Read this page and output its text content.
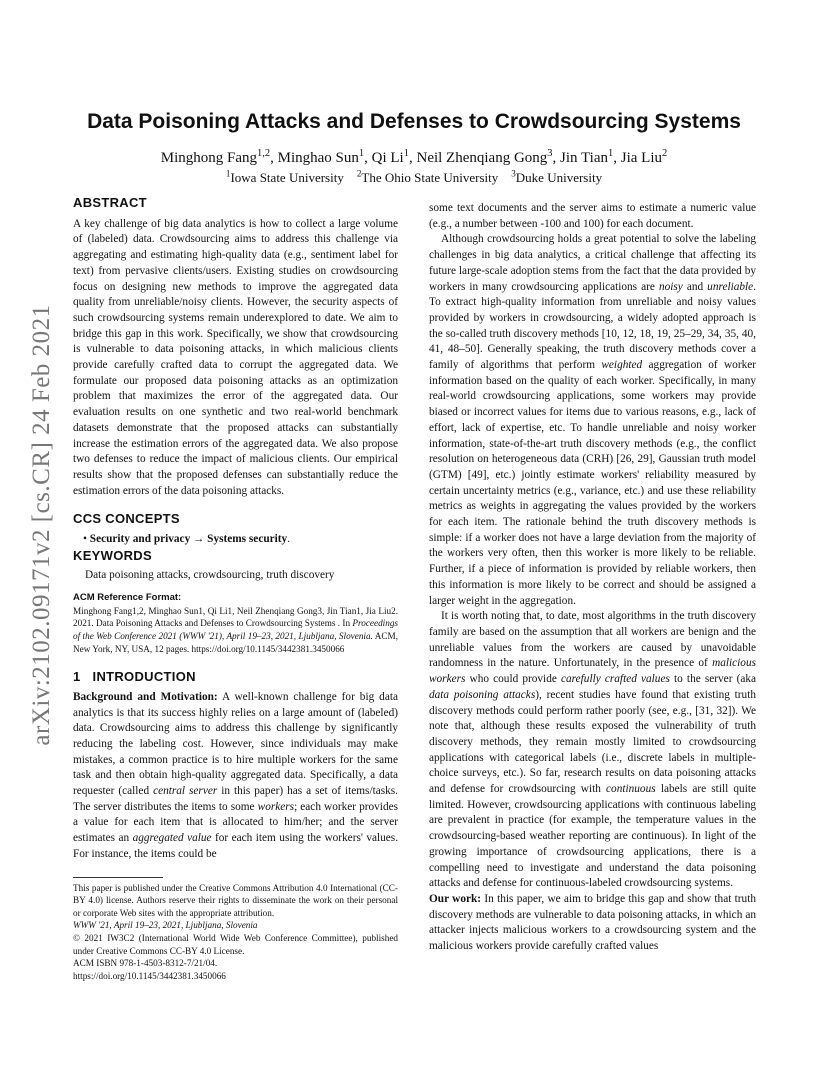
arXiv:2102.09171v2 [cs.CR] 24 Feb 2021
Data Poisoning Attacks and Defenses to Crowdsourcing Systems
Minghong Fang$^{1,2}$, Minghao Sun$^1$, Qi Li$^1$, Neil Zhenqiang Gong$^3$, Jin Tian$^1$, Jia Liu$^2$
$^1$Iowa State University $^2$The Ohio State University $^3$Duke University
ABSTRACT

A key challenge of big data analytics is how to collect a large volume of (labeled) data. Crowdsourcing aims to address this challenge via aggregating and estimating high-quality data (e.g., sentiment label for text) from pervasive clients/users. Existing studies on crowdsourcing focus on designing new methods to improve the aggregated data quality from unreliable/noisy clients. However, the security aspects of such crowdsourcing systems remain underexplored to date. We aim to bridge this gap in this work. Specifically, we show that crowdsourcing is vulnerable to data poisoning attacks, in which malicious clients provide carefully crafted data to corrupt the aggregated data. We formulate our proposed data poisoning attacks as an optimization problem that maximizes the error of the aggregated data. Our evaluation results on one synthetic and two real-world benchmark datasets demonstrate that the proposed attacks can substantially increase the estimation errors of the aggregated data. We also propose two defenses to reduce the impact of malicious clients. Our empirical results show that the proposed defenses can substantially reduce the estimation errors of the data poisoning attacks.

CCS CONCEPTS

• Security and privacy → Systems security.

KEYWORDS

Data poisoning attacks, crowdsourcing, truth discovery

ACM Reference Format:
Minghong Fang1,2, Minghao Sun1, Qi Li1, Neil Zhenqiang Gong3, Jin Tian1, Jia Liu2. 2021. Data Poisoning Attacks and Defenses to Crowdsourcing Systems . In Proceedings of the Web Conference 2021 (WWW '21), April 19–23, 2021, Ljubljana, Slovenia. ACM, New York, NY, USA, 12 pages. https://doi.org/10.1145/3442381.3450066
1 INTRODUCTION

Background and Motivation: A well-known challenge for big data analytics is that its success highly relies on a large amount of (labeled) data. Crowdsourcing aims to address this challenge by significantly reducing the labeling cost. However, since individuals may make mistakes, a common practice is to hire multiple workers for the same task and then obtain high-quality aggregated data. Specifically, a data requester (called central server in this paper) has a set of items/tasks. The server distributes the items to some workers; each worker provides a value for each item that is allocated to him/her; and the server estimates an aggregated value for each item using the workers' values. For instance, the items could be

This paper is published under the Creative Commons Attribution 4.0 International (CC-BY 4.0) license. Authors reserve their rights to disseminate the work on their personal or corporate Web sites with the appropriate attribution.

WWW '21, April 19–23, 2021, Ljubljana, Slovenia

© 2021 IW3C2 (International World Wide Web Conference Committee), published under Creative Commons CC-BY 4.0 License.

ACM ISBN 978-1-4503-8312-7/21/04.

https://doi.org/10.1145/3442381.3450066

some text documents and the server aims to estimate a numeric value (e.g., a number between -100 and 100) for each document.

Although crowdsourcing holds a great potential to solve the labeling challenges in big data analytics, a critical challenge that affecting its future large-scale adoption stems from the fact that the data provided by workers in many crowdsourcing applications are noisy and unreliable. To extract high-quality information from unreliable and noisy values provided by workers in crowdsourcing, a widely adopted approach is the so-called truth discovery methods [10, 12, 18, 19, 25–29, 34, 35, 40, 41, 48–50]. Generally speaking, the truth discovery methods cover a family of algorithms that perform weighted aggregation of worker information based on the quality of each worker. Specifically, in many real-world crowdsourcing applications, some workers may provide biased or incorrect values for items due to various reasons, e.g., lack of effort, lack of expertise, etc. To handle unreliable and noisy worker information, state-of-the-art truth discovery methods (e.g., the conflict resolution on heterogeneous data (CRH) [26, 29], Gaussian truth model (GTM) [49], etc.) jointly estimate workers' reliability measured by certain uncertainty metrics (e.g., variance, etc.) and use these reliability metrics as weights in aggregating the values provided by the workers for each item. The rationale behind the truth discovery methods is simple: if a worker does not have a large deviation from the majority of the workers very often, then this worker is more likely to be reliable. Further, if a piece of information is provided by reliable workers, then this information is more likely to be correct and should be assigned a larger weight in the aggregation.

It is worth noting that, to date, most algorithms in the truth discovery family are based on the assumption that all workers are benign and the unreliable values from the workers are caused by unavoidable randomness in the nature. Unfortunately, in the presence of malicious workers who could provide carefully crafted values to the server (aka data poisoning attacks), recent studies have found that existing truth discovery methods could perform rather poorly (see, e.g., [31, 32]). We note that, although these results exposed the vulnerability of truth discovery methods, they remain mostly limited to crowdsourcing applications with categorical labels (i.e., discrete labels in multiple-choice surveys, etc.). So far, research results on data poisoning attacks and defense for crowdsourcing with continuous labels are still quite limited. However, crowdsourcing applications with continuous labeling are prevalent in practice (for example, the temperature values in the crowdsourcing-based weather reporting are continuous). In light of the growing importance of crowdsourcing applications, there is a compelling need to investigate and understand the data poisoning attacks and defense for continuous-labeled crowdsourcing systems.

Our work: In this paper, we aim to bridge this gap and show that truth discovery methods are vulnerable to data poisoning attacks, in which an attacker injects malicious workers to a crowdsourcing system and the malicious workers provide carefully crafted values
